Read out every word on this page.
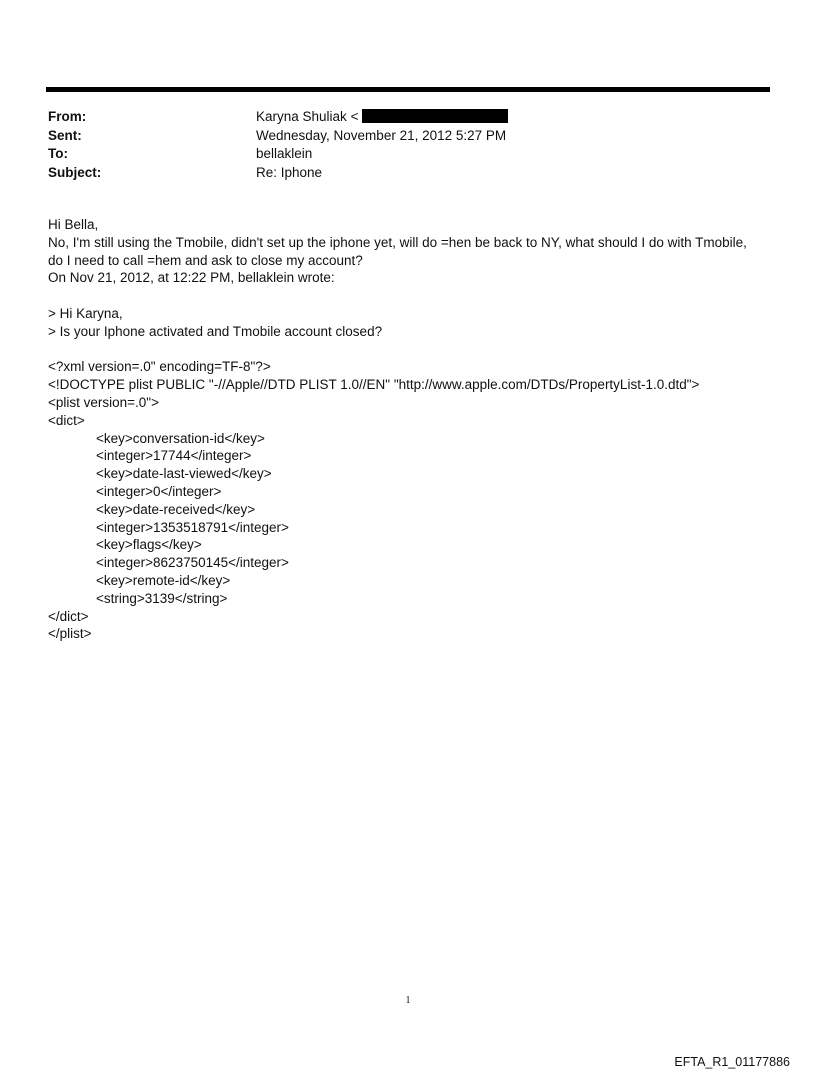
From:	Karyna Shuliak <
Sent:	Wednesday, November 21, 2012 5:27 PM
To:	bellaklein
Subject:	Re: Iphone
Hi Bella,
No, I'm still using the Tmobile, didn't set up the iphone yet, will do =hen be back to NY, what should I do with Tmobile,
do I need to call =hem and ask to close my account?
On Nov 21, 2012, at 12:22 PM, bellaklein wrote:
> Hi Karyna,
> Is your Iphone activated and Tmobile account closed?
<?xml version=.0" encoding=TF-8"?>
<!DOCTYPE plist PUBLIC "-//Apple//DTD PLIST 1.0//EN" "http://www.apple.com/DTDs/PropertyList-1.0.dtd">
<plist version=.0">
<dict>
<key>conversation-id</key>
<integer>17744</integer>
<key>date-last-viewed</key>
<integer>0</integer>
<key>date-received</key>
<integer>1353518791</integer>
<key>flags</key>
<integer>8623750145</integer>
<key>remote-id</key>
<string>3139</string>
</dict>
</plist>
1
EFTA_R1_01177886
